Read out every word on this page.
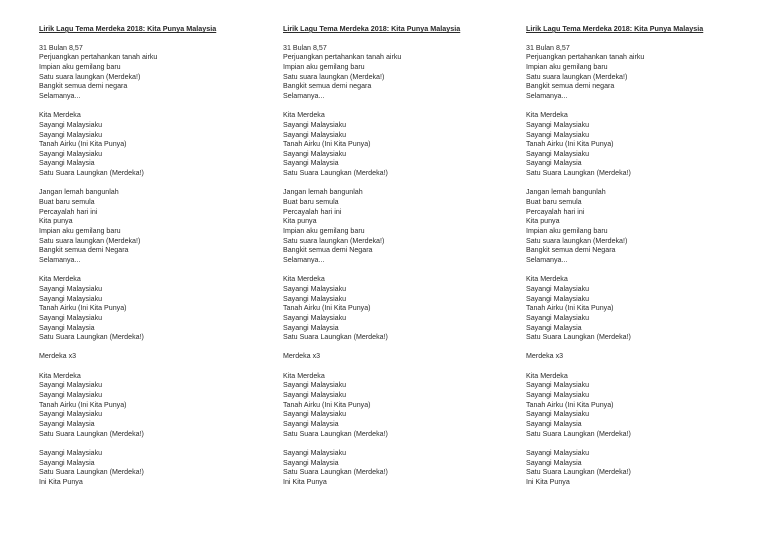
Lirik Lagu Tema Merdeka 2018: Kita Punya Malaysia
31 Bulan 8,57
Perjuangkan pertahankan tanah airku
Impian aku gemilang baru
Satu suara laungkan (Merdeka!)
Bangkit semua demi negara
Selamanya...
Kita Merdeka
Sayangi Malaysiaku
Sayangi Malaysiaku
Tanah Airku (Ini Kita Punya)
Sayangi Malaysiaku
Sayangi Malaysia
Satu Suara Laungkan (Merdeka!)
Jangan lemah bangunlah
Buat baru semula
Percayalah hari ini
Kita punya
Impian aku gemilang baru
Satu suara laungkan (Merdeka!)
Bangkit semua demi Negara
Selamanya...
Kita Merdeka
Sayangi Malaysiaku
Sayangi Malaysiaku
Tanah Airku (Ini Kita Punya)
Sayangi Malaysiaku
Sayangi Malaysia
Satu Suara Laungkan (Merdeka!)
Merdeka x3
Kita Merdeka
Sayangi Malaysiaku
Sayangi Malaysiaku
Tanah Airku (Ini Kita Punya)
Sayangi Malaysiaku
Sayangi Malaysia
Satu Suara Laungkan (Merdeka!)
Sayangi Malaysiaku
Sayangi Malaysia
Satu Suara Laungkan (Merdeka!)
Ini Kita Punya
Lirik Lagu Tema Merdeka 2018: Kita Punya Malaysia
31 Bulan 8,57
Perjuangkan pertahankan tanah airku
Impian aku gemilang baru
Satu suara laungkan (Merdeka!)
Bangkit semua demi negara
Selamanya...
Kita Merdeka
Sayangi Malaysiaku
Sayangi Malaysiaku
Tanah Airku (Ini Kita Punya)
Sayangi Malaysiaku
Sayangi Malaysia
Satu Suara Laungkan (Merdeka!)
Jangan lemah bangunlah
Buat baru semula
Percayalah hari ini
Kita punya
Impian aku gemilang baru
Satu suara laungkan (Merdeka!)
Bangkit semua demi Negara
Selamanya...
Kita Merdeka
Sayangi Malaysiaku
Sayangi Malaysiaku
Tanah Airku (Ini Kita Punya)
Sayangi Malaysiaku
Sayangi Malaysia
Satu Suara Laungkan (Merdeka!)
Merdeka x3
Kita Merdeka
Sayangi Malaysiaku
Sayangi Malaysiaku
Tanah Airku (Ini Kita Punya)
Sayangi Malaysiaku
Sayangi Malaysia
Satu Suara Laungkan (Merdeka!)
Sayangi Malaysiaku
Sayangi Malaysia
Satu Suara Laungkan (Merdeka!)
Ini Kita Punya
Lirik Lagu Tema Merdeka 2018: Kita Punya Malaysia
31 Bulan 8,57
Perjuangkan pertahankan tanah airku
Impian aku gemilang baru
Satu suara laungkan (Merdeka!)
Bangkit semua demi negara
Selamanya...
Kita Merdeka
Sayangi Malaysiaku
Sayangi Malaysiaku
Tanah Airku (Ini Kita Punya)
Sayangi Malaysiaku
Sayangi Malaysia
Satu Suara Laungkan (Merdeka!)
Jangan lemah bangunlah
Buat baru semula
Percayalah hari ini
Kita punya
Impian aku gemilang baru
Satu suara laungkan (Merdeka!)
Bangkit semua demi Negara
Selamanya...
Kita Merdeka
Sayangi Malaysiaku
Sayangi Malaysiaku
Tanah Airku (Ini Kita Punya)
Sayangi Malaysiaku
Sayangi Malaysia
Satu Suara Laungkan (Merdeka!)
Merdeka x3
Kita Merdeka
Sayangi Malaysiaku
Sayangi Malaysiaku
Tanah Airku (Ini Kita Punya)
Sayangi Malaysiaku
Sayangi Malaysia
Satu Suara Laungkan (Merdeka!)
Sayangi Malaysiaku
Sayangi Malaysia
Satu Suara Laungkan (Merdeka!)
Ini Kita Punya
